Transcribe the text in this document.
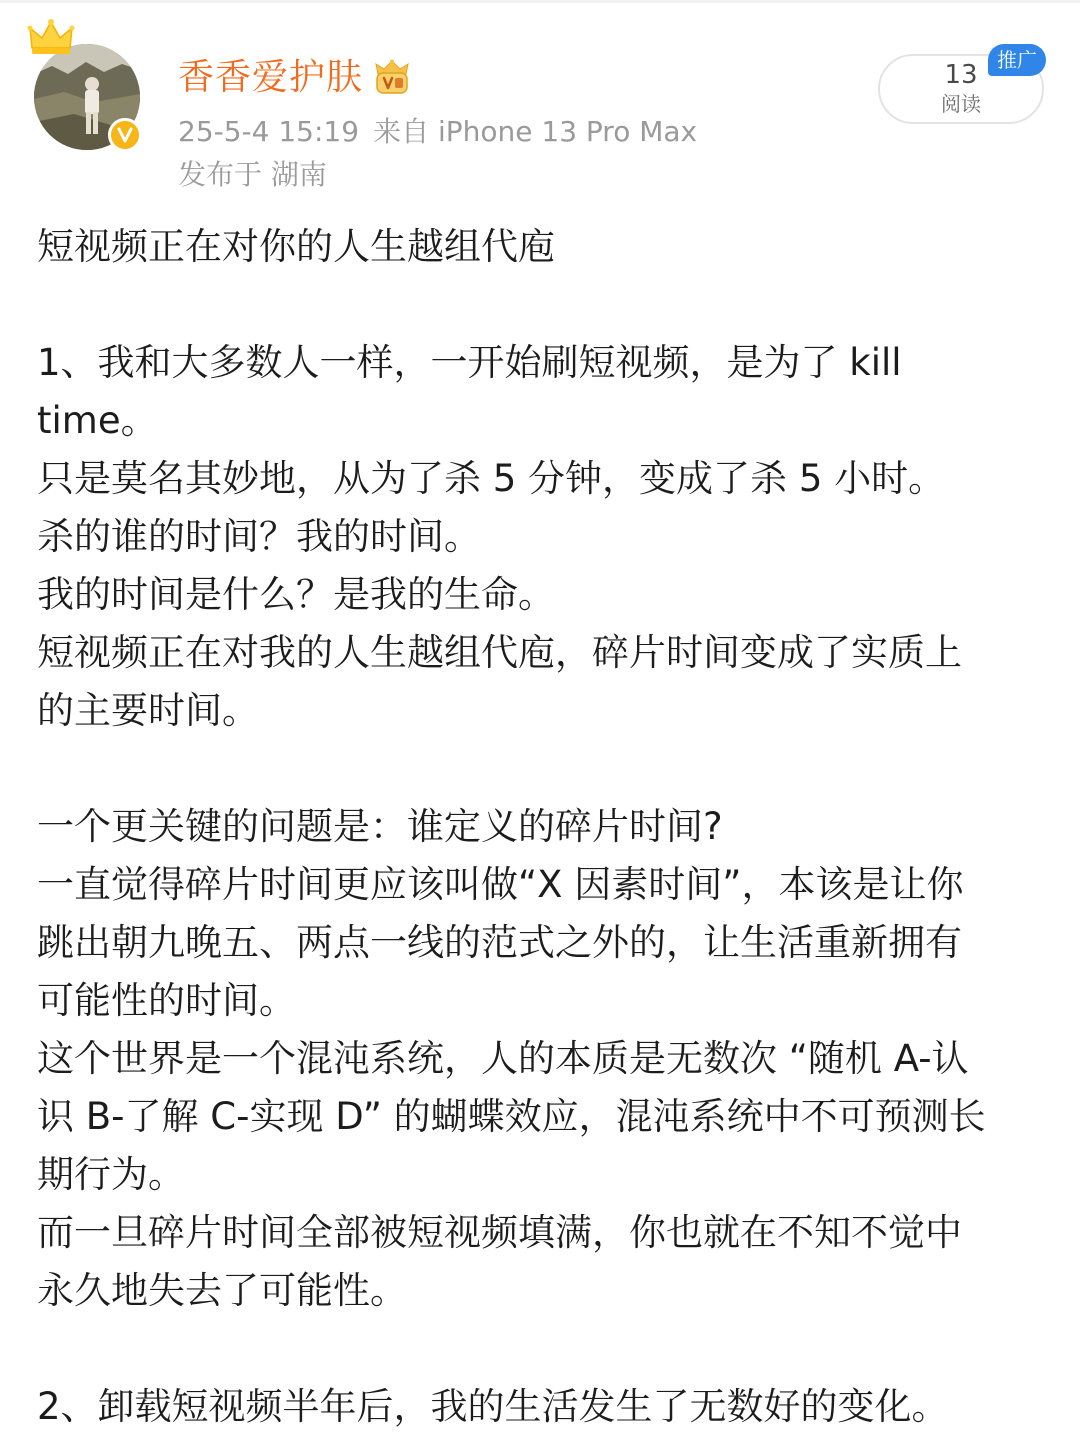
香香爱护肤
25-5-4 15:19 来自 iPhone 13 Pro Max
发布于 湖南
13
阅读
推广

短视频正在对你的人生越组代庖

1、我和大多数人一样，一开始刷短视频，是为了 kill

time。

只是莫名其妙地，从为了杀 5 分钟，变成了杀 5 小时。

杀的谁的时间？我的时间。

我的时间是什么？是我的生命。

短视频正在对我的人生越组代庖，碎片时间变成了实质上

的主要时间。

一个更关键的问题是：谁定义的碎片时间?

一直觉得碎片时间更应该叫做“X 因素时间”，本该是让你

跳出朝九晚五、两点一线的范式之外的，让生活重新拥有

可能性的时间。

这个世界是一个混沌系统，人的本质是无数次 “随机 A-认

识 B-了解 C-实现 D” 的蝴蝶效应，混沌系统中不可预测长

期行为。

而一旦碎片时间全部被短视频填满，你也就在不知不觉中

永久地失去了可能性。

2、卸载短视频半年后，我的生活发生了无数好的变化。
